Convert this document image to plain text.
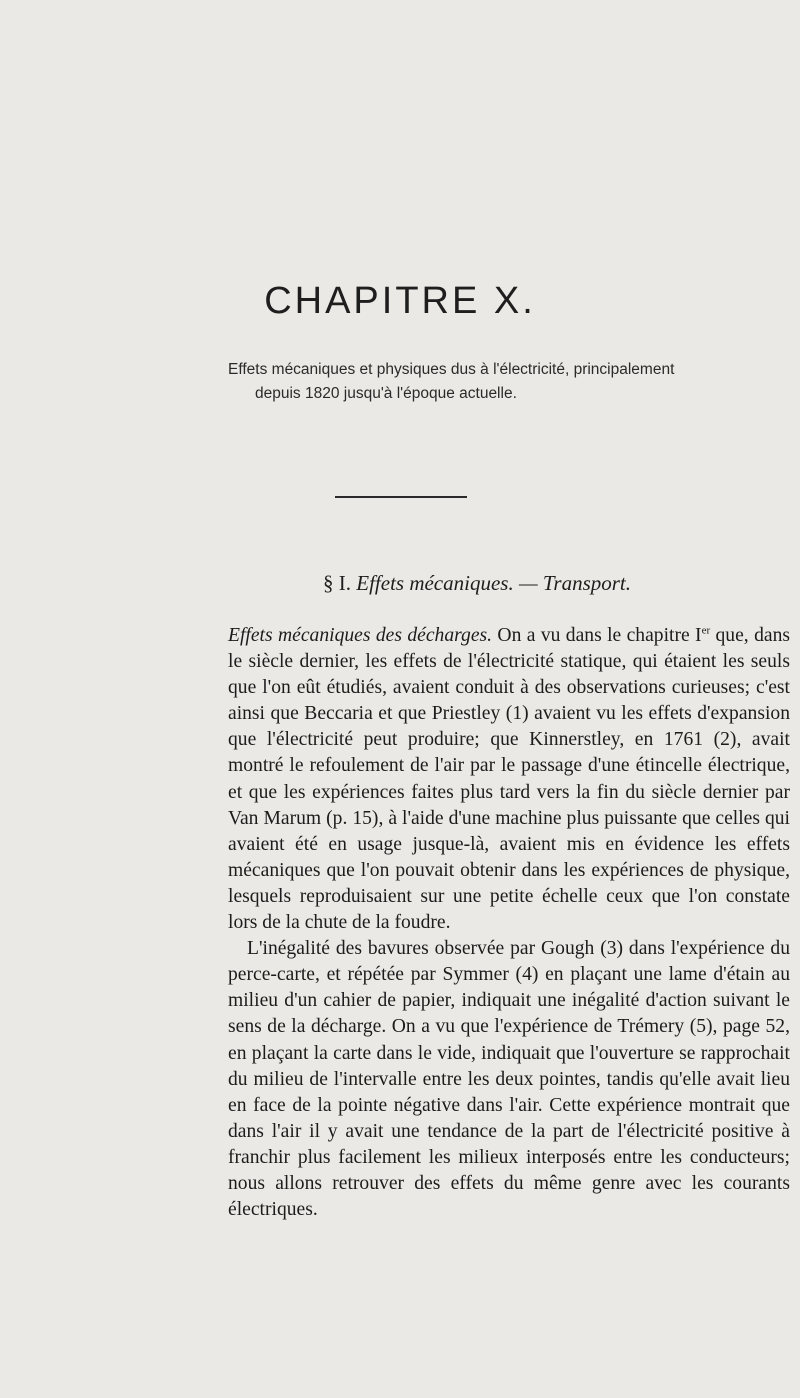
CHAPITRE X.
Effets mécaniques et physiques dus à l'électricité, principalement
depuis 1820 jusqu'à l'époque actuelle.
§ I. Effets mécaniques. — Transport.

Effets mécaniques des décharges. On a vu dans le chapitre Ier que, dans le siècle dernier, les effets de l'électricité statique, qui étaient les seuls que l'on eût étudiés, avaient conduit à des observations curieuses; c'est ainsi que Beccaria et que Priestley (1) avaient vu les effets d'expansion que l'électricité peut produire; que Kinnerstley, en 1761 (2), avait montré le refoulement de l'air par le passage d'une étincelle électrique, et que les expériences faites plus tard vers la fin du siècle dernier par Van Marum (p. 15), à l'aide d'une machine plus puissante que celles qui avaient été en usage jusque-là, avaient mis en évidence les effets mécaniques que l'on pouvait obtenir dans les expériences de physique, lesquels reproduisaient sur une petite échelle ceux que l'on constate lors de la chute de la foudre.

L'inégalité des bavures observée par Gough (3) dans l'expérience du perce-carte, et répétée par Symmer (4) en plaçant une lame d'étain au milieu d'un cahier de papier, indiquait une inégalité d'action suivant le sens de la décharge. On a vu que l'expérience de Trémery (5), page 52, en plaçant la carte dans le vide, indiquait que l'ouverture se rapprochait du milieu de l'intervalle entre les deux pointes, tandis qu'elle avait lieu en face de la pointe négative dans l'air. Cette expérience montrait que dans l'air il y avait une tendance de la part de l'électricité positive à franchir plus facilement les milieux interposés entre les conducteurs; nous allons retrouver des effets du même genre avec les courants électriques.
